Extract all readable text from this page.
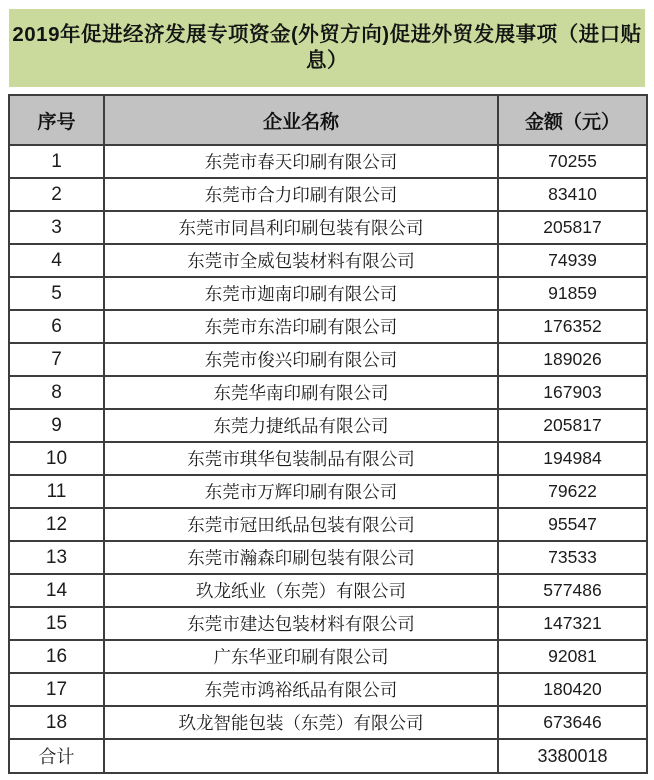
2019年促进经济发展专项资金(外贸方向)促进外贸发展事项（进口贴息）
序号	企业名称	金额（元）
1	东莞市春天印刷有限公司	70255
2	东莞市合力印刷有限公司	83410
3	东莞市同昌利印刷包装有限公司	205817
4	东莞市全威包装材料有限公司	74939
5	东莞市迦南印刷有限公司	91859
6	东莞市东浩印刷有限公司	176352
7	东莞市俊兴印刷有限公司	189026
8	东莞华南印刷有限公司	167903
9	东莞力捷纸品有限公司	205817
10	东莞市琪华包装制品有限公司	194984
11	东莞市万辉印刷有限公司	79622
12	东莞市冠田纸品包装有限公司	95547
13	东莞市瀚森印刷包装有限公司	73533
14	玖龙纸业（东莞）有限公司	577486
15	东莞市建达包装材料有限公司	147321
16	广东华亚印刷有限公司	92081
17	东莞市鸿裕纸品有限公司	180420
18	玖龙智能包装（东莞）有限公司	673646
合计		3380018
